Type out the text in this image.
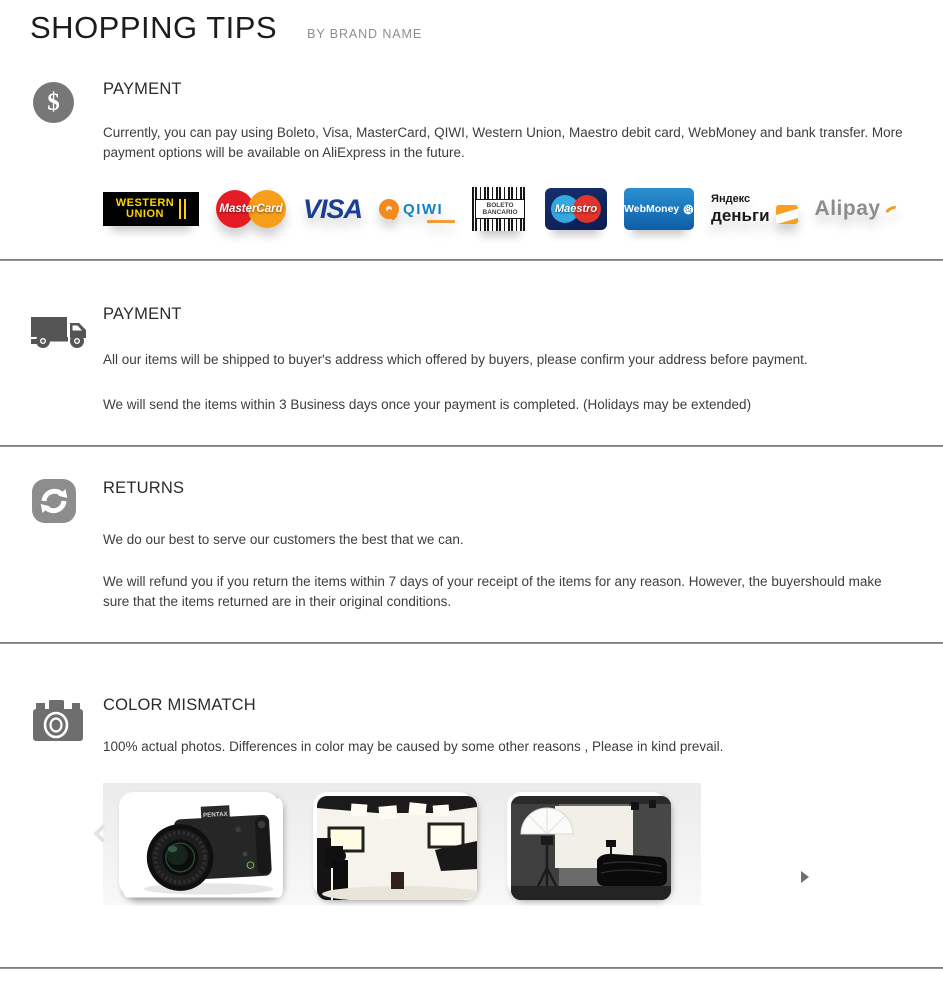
SHOPPING TIPS BY BRAND NAME
$	PAYMENT

Currently, you can pay using Boleto, Visa, MasterCard, QIWI, Western Union, Maestro debit card, WebMoney and bank transfer. More payment options will be available on AliExpress in the future.

WESTERN
UNION	MasterCard VISA	QIWI	BOLETO
BANCARIO	Maestro	WebMoney
Яндекс
деньги Alipay
PAYMENT

All our items will be shipped to buyer's address which offered by buyers, please confirm your address before payment.

We will send the items within 3 Business days once your payment is completed. (Holidays may be extended)

RETURNS

We do our best to serve our customers the best that we can.

We will refund you if you return the items within 7 days of your receipt of the items for any reason. However, the buyershould make sure that the items returned are in their original conditions.

COLOR MISMATCH

100% actual photos. Differences in color may be caused by some other reasons , Please in kind prevail.

PENTAX
